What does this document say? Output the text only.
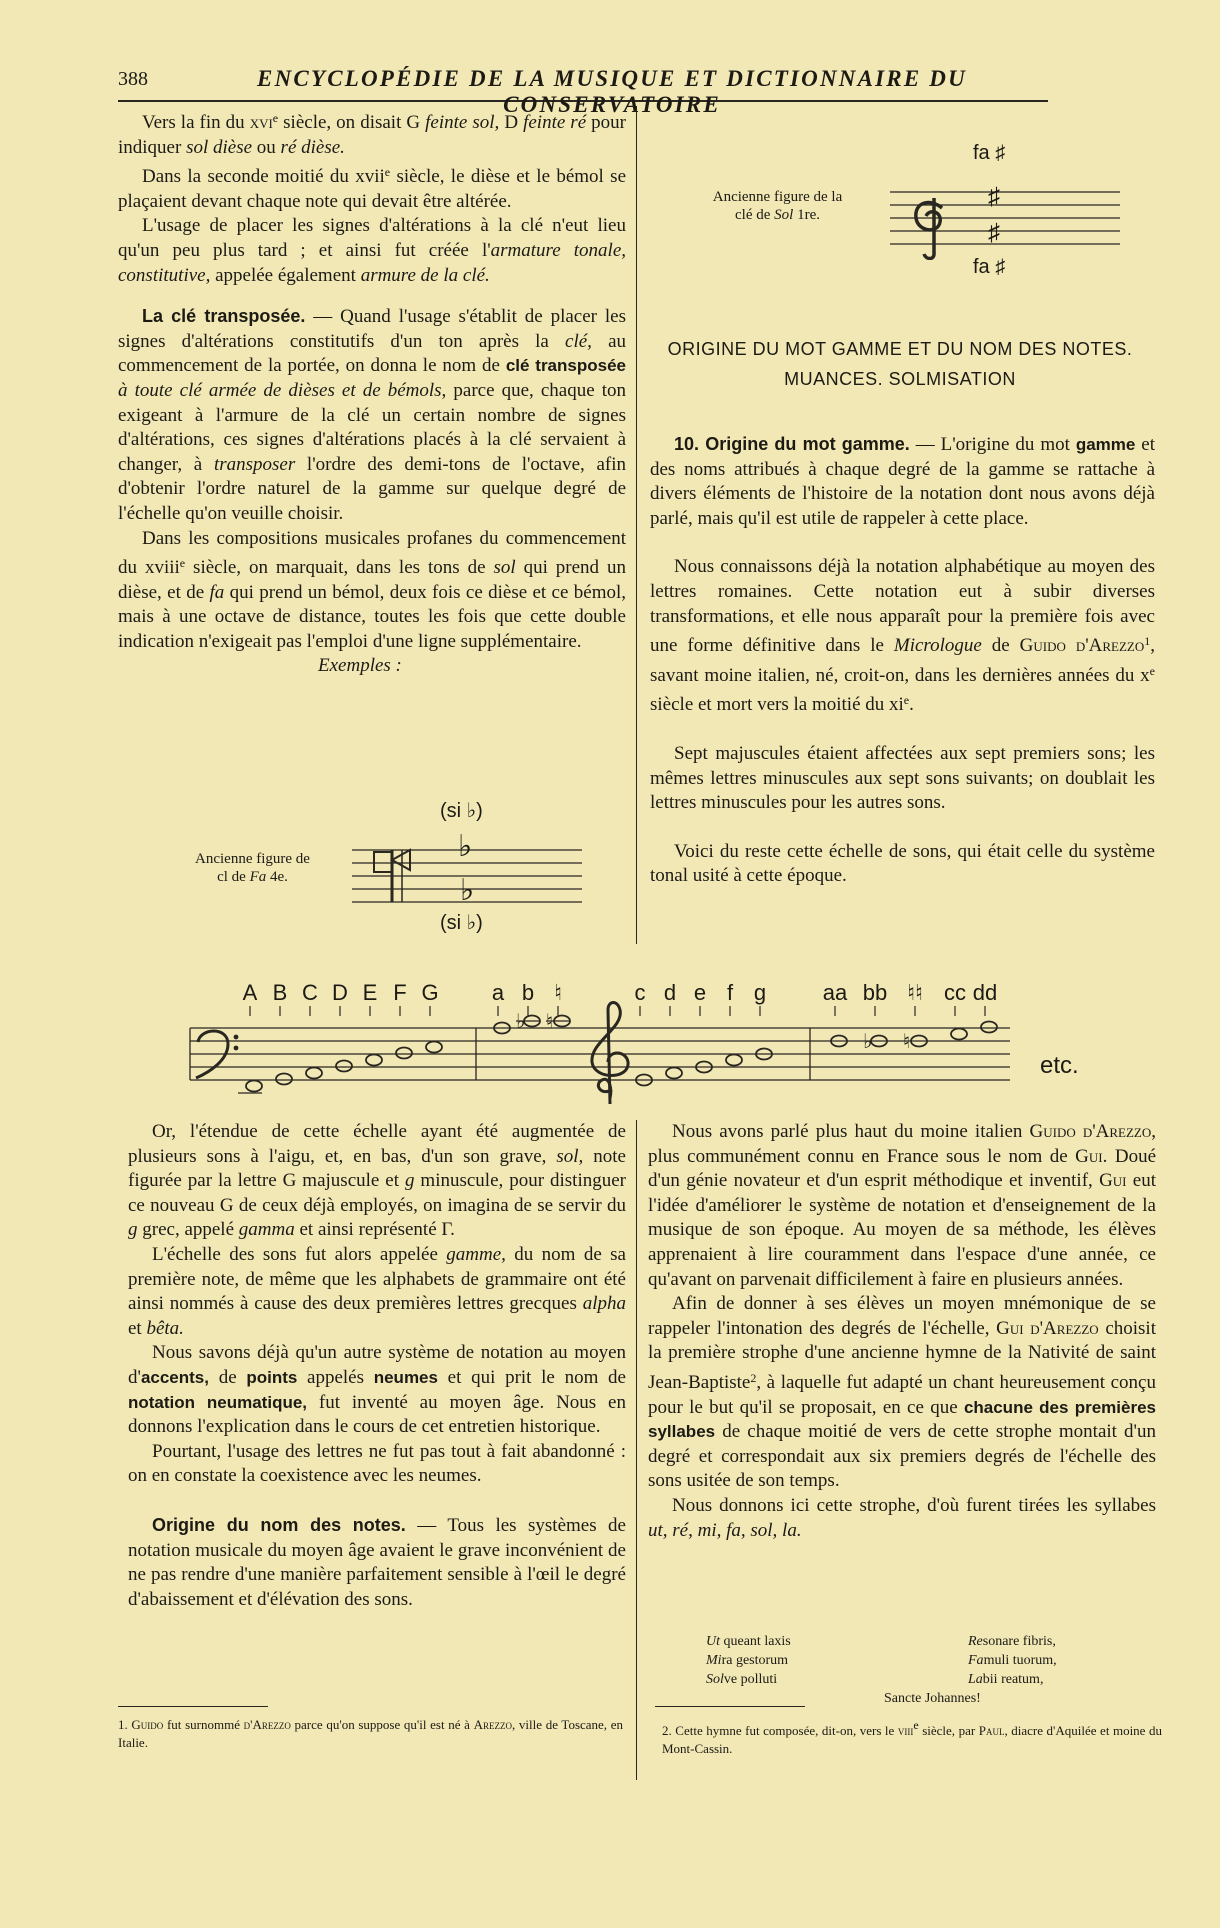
388	ENCYCLOPÉDIE DE LA MUSIQUE ET DICTIONNAIRE DU CONSERVATOIRE

Vers la fin du xvi$^e$ siècle, on disait G feinte sol, D feinte ré pour indiquer sol dièse ou ré dièse.

Dans la seconde moitié du xvii$^e$ siècle, le dièse et le bémol se plaçaient devant chaque note qui devait être altérée.

L'usage de placer les signes d'altérations à la clé n'eut lieu qu'un peu plus tard ; et ainsi fut créée l'armature tonale, constitutive, appelée également armure de la clé.

La clé transposée. — Quand l'usage s'établit de placer les signes d'altérations constitutifs d'un ton après la clé, au commencement de la portée, on donna le nom de clé transposée à toute clé armée de dièses et de bémols, parce que, chaque ton exigeant à l'armure de la clé un certain nombre de signes d'altérations, ces signes d'altérations placés à la clé servaient à changer, à transposer l'ordre des demi-tons de l'octave, afin d'obtenir l'ordre naturel de la gamme sur quelque degré de l'échelle qu'on veuille choisir.

Dans les compositions musicales profanes du commencement du xviii$^e$ siècle, on marquait, dans les tons de sol qui prend un dièse, et de fa qui prend un bémol, deux fois ce dièse et ce bémol, mais à une octave de distance, toutes les fois que cette double indication n'exigeait pas l'emploi d'une ligne supplémentaire.

Exemples :

Ancienne figure de
cl de Fa 4e.
(si ♭)
(si ♭)
♭
♭
Ancienne figure de la
clé de Sol 1re.
fa ♯
fa ♯
♯
♯
ORIGINE DU MOT GAMME ET DU NOM DES NOTES.
MUANCES. SOLMISATION

10. Origine du mot gamme. — L'origine du mot gamme et des noms attribués à chaque degré de la gamme se rattache à divers éléments de l'histoire de la notation dont nous avons déjà parlé, mais qu'il est utile de rappeler à cette place.

Nous connaissons déjà la notation alphabétique au moyen des lettres romaines. Cette notation eut à subir diverses transformations, et elle nous apparaît pour la première fois avec une forme définitive dans le Micrologue de Guido d'Arezzo$^1$, savant moine italien, né, croit-on, dans les dernières années du $x^e$ siècle et mort vers la moitié du $xi^e$.

Sept majuscules étaient affectées aux sept premiers sons; les mêmes lettres minuscules aux sept sons suivants; on doublait les lettres minuscules pour les autres sons.

Voici du reste cette échelle de sons, qui était celle du système tonal usité à cette époque.

A B C D E F G a b ♮	c d e f g	aa bb ♮♮ cc dd
♭ ♮
♭ ♮
etc.

Or, l'étendue de cette échelle ayant été augmentée de plusieurs sons à l'aigu, et, en bas, d'un son grave, sol, note figurée par la lettre G majuscule et g minuscule, pour distinguer ce nouveau G de ceux déjà employés, on imagina de se servir du g grec, appelé gamma et ainsi représenté Γ.

L'échelle des sons fut alors appelée gamme, du nom de sa première note, de même que les alphabets de grammaire ont été ainsi nommés à cause des deux premières lettres grecques alpha et bêta.

Nous savons déjà qu'un autre système de notation au moyen d'accents, de points appelés neumes et qui prit le nom de notation neumatique, fut inventé au moyen âge. Nous en donnons l'explication dans le cours de cet entretien historique.

Pourtant, l'usage des lettres ne fut pas tout à fait abandonné : on en constate la coexistence avec les neumes.

Origine du nom des notes. — Tous les systèmes de notation musicale du moyen âge avaient le grave inconvénient de ne pas rendre d'une manière parfaitement sensible à l'œil le degré d'abaissement et d'élévation des sons.

Nous avons parlé plus haut du moine italien Guido d'Arezzo, plus communément connu en France sous le nom de Gui. Doué d'un génie novateur et d'un esprit méthodique et inventif, Gui eut l'idée d'améliorer le système de notation et d'enseignement de la musique de son époque. Au moyen de sa méthode, les élèves apprenaient à lire couramment dans l'espace d'une année, ce qu'avant on parvenait difficilement à faire en plusieurs années.

Afin de donner à ses élèves un moyen mnémonique de se rappeler l'intonation des degrés de l'échelle, Gui d'Arezzo choisit la première strophe d'une ancienne hymne de la Nativité de saint Jean-Baptiste$^2$, à laquelle fut adapté un chant heureusement conçu pour le but qu'il se proposait, en ce que chacune des premières syllabes de chaque moitié de vers de cette strophe montait d'un degré et correspondait aux six premiers degrés de l'échelle des sons usitée de son temps.

Nous donnons ici cette strophe, d'où furent tirées les syllabes ut, ré, mi, fa, sol, la.

Ut queant laxis
Mira gestorum
Solve polluti
Resonare fibris,
Famuli tuorum,
Labii reatum,
Sancte Johannes!
1. Guido fut surnommé d'Arezzo parce qu'on suppose qu'il est né à Arezzo, ville de Toscane, en Italie.
2. Cette hymne fut composée, dit-on, vers le viiie siècle, par Paul, diacre d'Aquilée et moine du Mont-Cassin.
